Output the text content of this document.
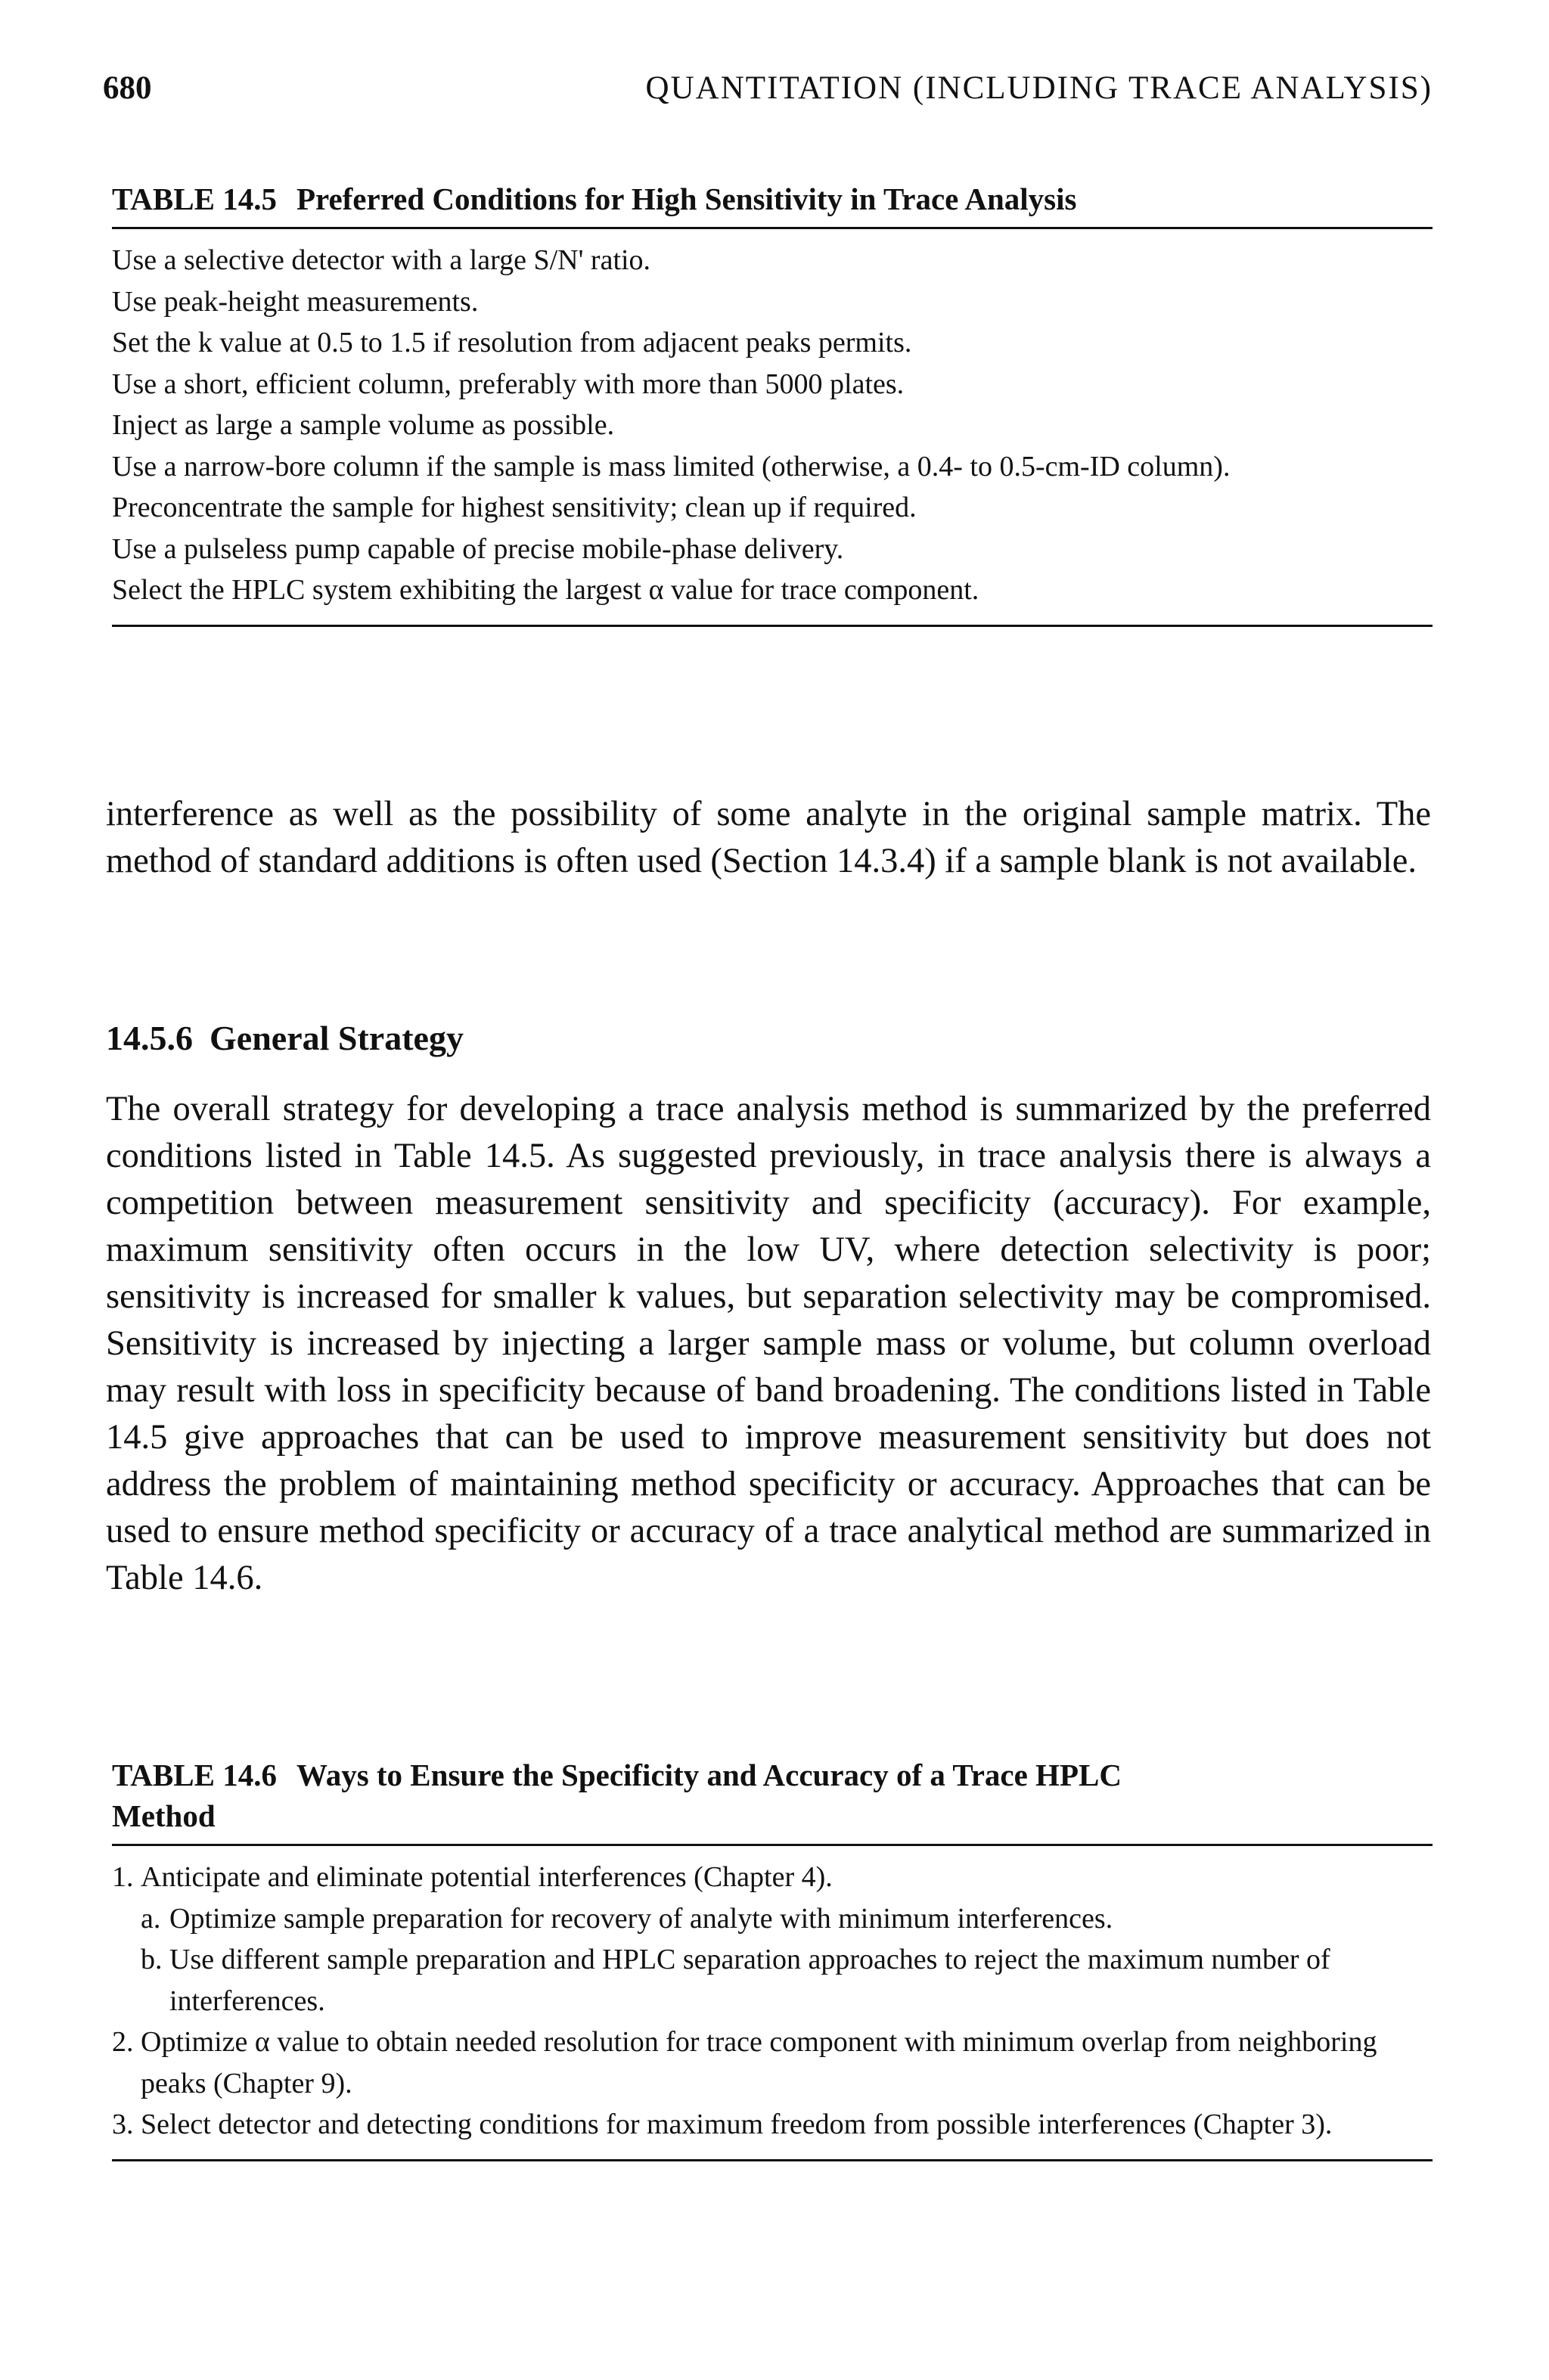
680	QUANTITATION (INCLUDING TRACE ANALYSIS)
TABLE 14.5 Preferred Conditions for High Sensitivity in Trace Analysis
Use a selective detector with a large S/N' ratio.
Use peak-height measurements.
Set the k value at 0.5 to 1.5 if resolution from adjacent peaks permits.
Use a short, efficient column, preferably with more than 5000 plates.
Inject as large a sample volume as possible.
Use a narrow-bore column if the sample is mass limited (otherwise, a 0.4- to 0.5-cm-ID column).
Preconcentrate the sample for highest sensitivity; clean up if required.
Use a pulseless pump capable of precise mobile-phase delivery.
Select the HPLC system exhibiting the largest α value for trace component.

interference as well as the possibility of some analyte in the original sample matrix. The method of standard additions is often used (Section 14.3.4) if a sample blank is not available.

14.5.6 General Strategy

The overall strategy for developing a trace analysis method is summarized by the preferred conditions listed in Table 14.5. As suggested previously, in trace analysis there is always a competition between measurement sensitivity and specificity (accuracy). For example, maximum sensitivity often occurs in the low UV, where detection selectivity is poor; sensitivity is increased for smaller k values, but separation selectivity may be compromised. Sensitivity is increased by injecting a larger sample mass or volume, but column overload may result with loss in specificity because of band broadening. The conditions listed in Table 14.5 give approaches that can be used to improve measurement sensitivity but does not address the problem of maintaining method specificity or accuracy. Approaches that can be used to ensure method specificity or accuracy of a trace analytical method are summarized in Table 14.6.

TABLE 14.6 Ways to Ensure the Specificity and Accuracy of a Trace HPLC Method
1. Anticipate and eliminate potential interferences (Chapter 4).
a. Optimize sample preparation for recovery of analyte with minimum interferences.
b. Use different sample preparation and HPLC separation approaches to reject the maximum number of interferences.
2. Optimize α value to obtain needed resolution for trace component with minimum overlap from neighboring peaks (Chapter 9).
3. Select detector and detecting conditions for maximum freedom from possible interferences (Chapter 3).
